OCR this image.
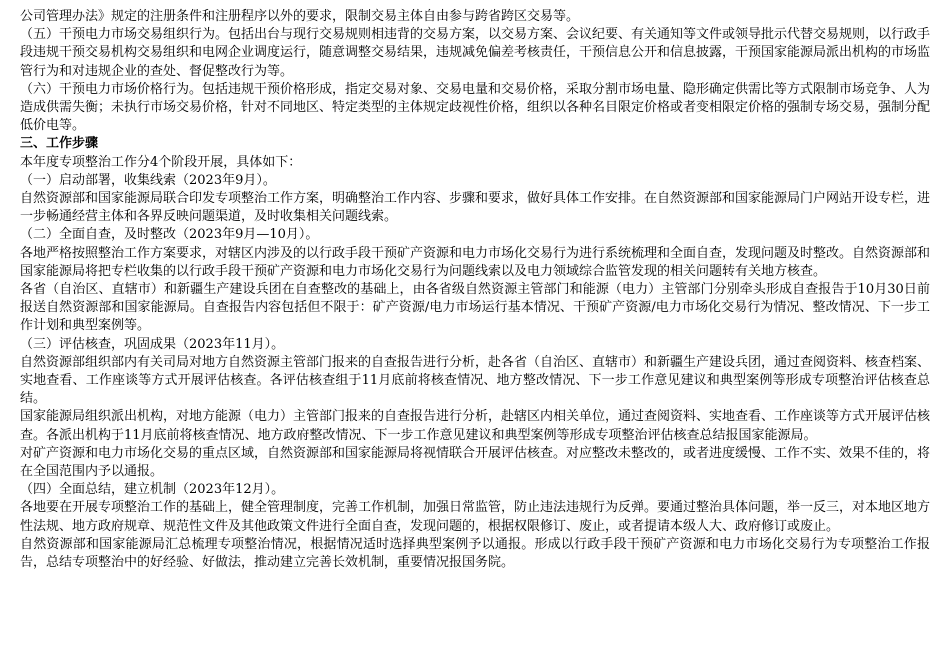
公司管理办法》规定的注册条件和注册程序以外的要求，限制交易主体自由参与跨省跨区交易等。

（五）干预电力市场交易组织行为。包括出台与现行交易规则相违背的交易方案，以交易方案、会议纪要、有关通知等文件或领导批示代替交易规则，以行政手段违规干预交易机构交易组织和电网企业调度运行，随意调整交易结果，违规减免偏差考核责任，干预信息公开和信息披露，干预国家能源局派出机构的市场监管行为和对违规企业的查处、督促整改行为等。

（六）干预电力市场价格行为。包括违规干预价格形成，指定交易对象、交易电量和交易价格，采取分割市场电量、隐形确定供需比等方式限制市场竞争、人为造成供需失衡；未执行市场交易价格，针对不同地区、特定类型的主体规定歧视性价格，组织以各种名目限定价格或者变相限定价格的强制专场交易，强制分配低价电等。

三、工作步骤

本年度专项整治工作分4个阶段开展，具体如下：

（一）启动部署，收集线索（2023年9月）。

自然资源部和国家能源局联合印发专项整治工作方案，明确整治工作内容、步骤和要求，做好具体工作安排。在自然资源部和国家能源局门户网站开设专栏，进一步畅通经营主体和各界反映问题渠道，及时收集相关问题线索。

（二）全面自查，及时整改（2023年9月—10月）。

各地严格按照整治工作方案要求，对辖区内涉及的以行政手段干预矿产资源和电力市场化交易行为进行系统梳理和全面自查，发现问题及时整改。自然资源部和国家能源局将把专栏收集的以行政手段干预矿产资源和电力市场化交易行为问题线索以及电力领域综合监管发现的相关问题转有关地方核查。

各省（自治区、直辖市）和新疆生产建设兵团在自查整改的基础上，由各省级自然资源主管部门和能源（电力）主管部门分别牵头形成自查报告于10月30日前报送自然资源部和国家能源局。自查报告内容包括但不限于：矿产资源/电力市场运行基本情况、干预矿产资源/电力市场化交易行为情况、整改情况、下一步工作计划和典型案例等。

（三）评估核查，巩固成果（2023年11月）。

自然资源部组织部内有关司局对地方自然资源主管部门报来的自查报告进行分析，赴各省（自治区、直辖市）和新疆生产建设兵团，通过查阅资料、核查档案、实地查看、工作座谈等方式开展评估核查。各评估核查组于11月底前将核查情况、地方整改情况、下一步工作意见建议和典型案例等形成专项整治评估核查总结。

国家能源局组织派出机构，对地方能源（电力）主管部门报来的自查报告进行分析，赴辖区内相关单位，通过查阅资料、实地查看、工作座谈等方式开展评估核查。各派出机构于11月底前将核查情况、地方政府整改情况、下一步工作意见建议和典型案例等形成专项整治评估核查总结报国家能源局。

对矿产资源和电力市场化交易的重点区域，自然资源部和国家能源局将视情联合开展评估核查。对应整改未整改的，或者进度缓慢、工作不实、效果不佳的，将在全国范围内予以通报。

（四）全面总结，建立机制（2023年12月）。

各地要在开展专项整治工作的基础上，健全管理制度，完善工作机制，加强日常监管，防止违法违规行为反弹。要通过整治具体问题，举一反三，对本地区地方性法规、地方政府规章、规范性文件及其他政策文件进行全面自查，发现问题的，根据权限修订、废止，或者提请本级人大、政府修订或废止。

自然资源部和国家能源局汇总梳理专项整治情况，根据情况适时选择典型案例予以通报。形成以行政手段干预矿产资源和电力市场化交易行为专项整治工作报告，总结专项整治中的好经验、好做法，推动建立完善长效机制，重要情况报国务院。
